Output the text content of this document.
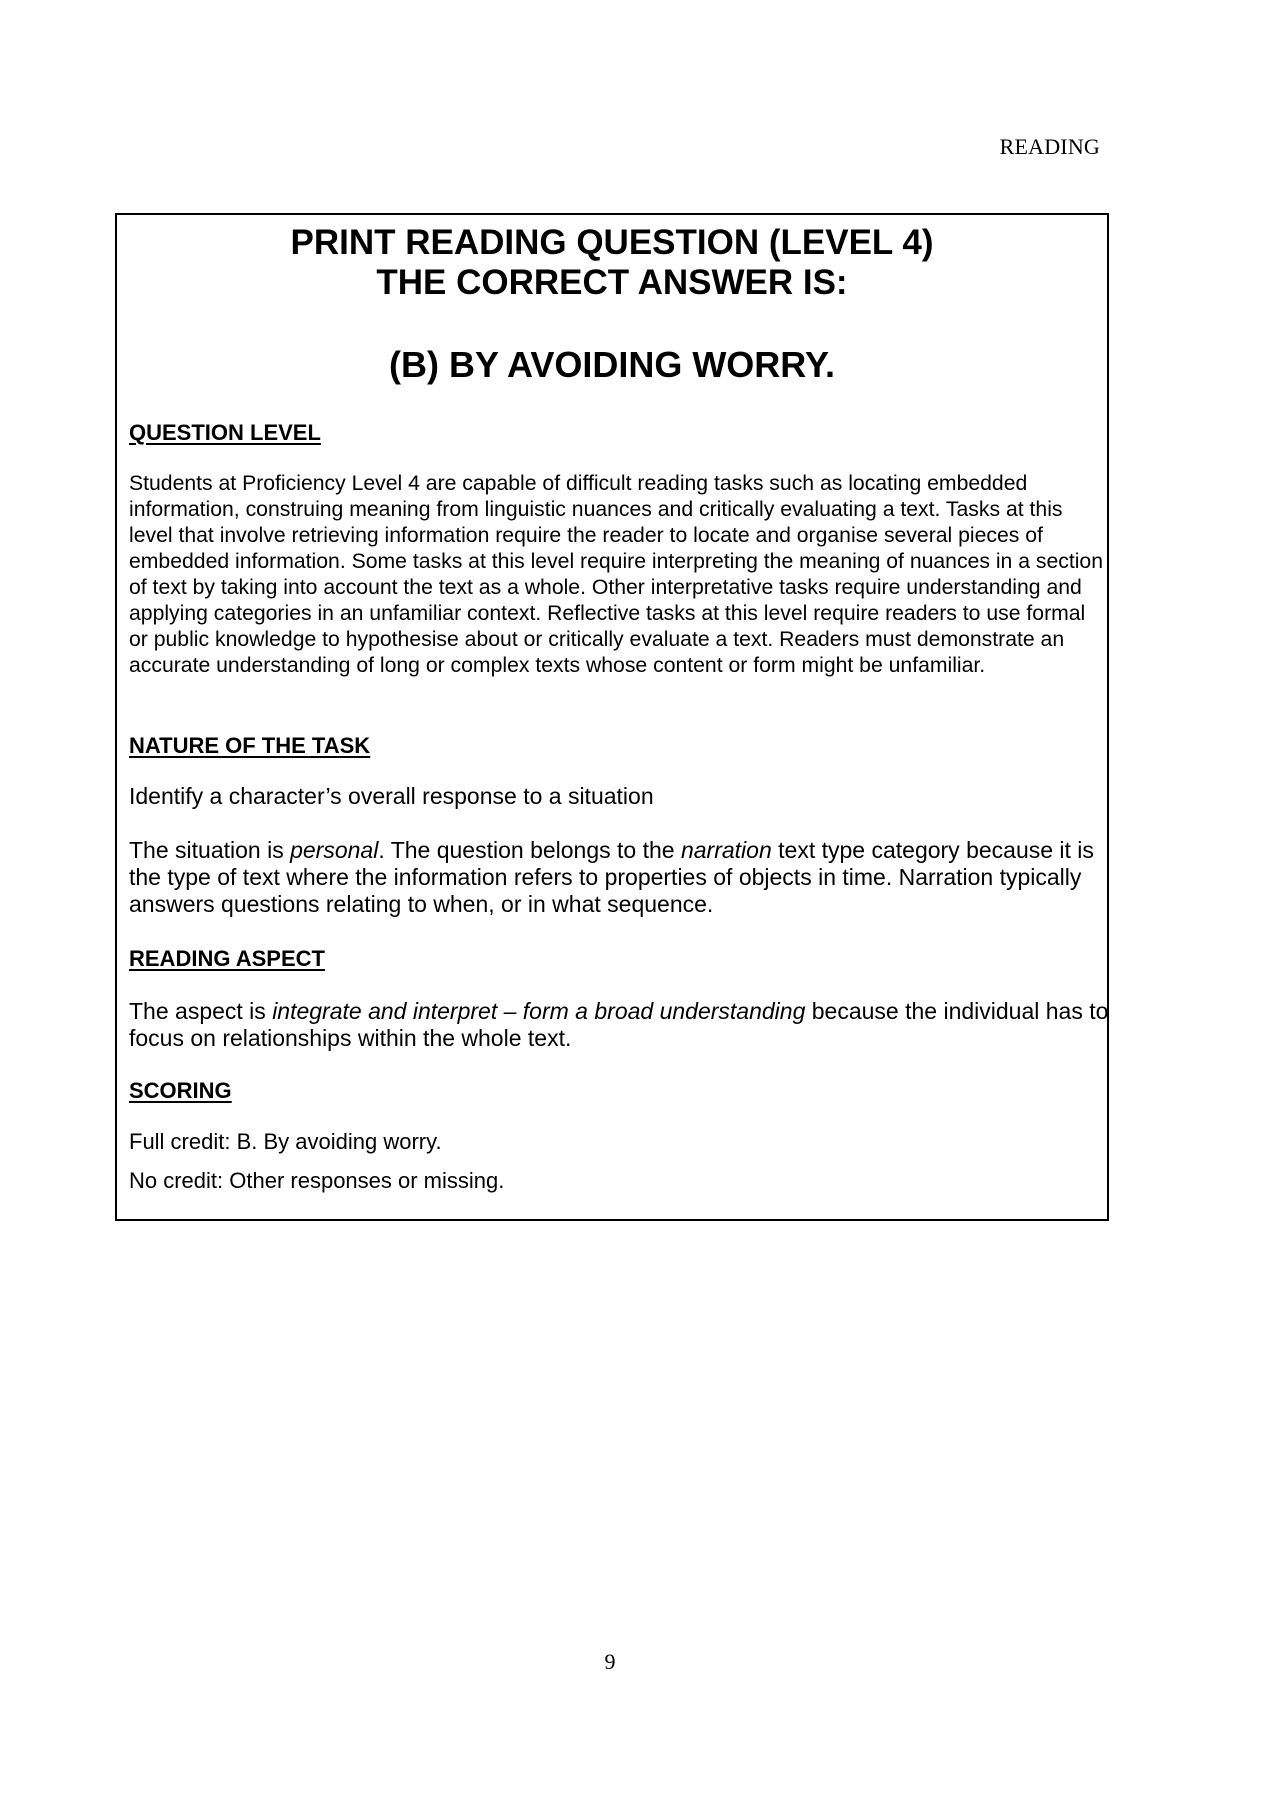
READING
PRINT READING QUESTION (LEVEL 4)
THE CORRECT ANSWER IS:
(B) BY AVOIDING WORRY.
QUESTION LEVEL

Students at Proficiency Level 4 are capable of difficult reading tasks such as locating embedded information, construing meaning from linguistic nuances and critically evaluating a text. Tasks at this level that involve retrieving information require the reader to locate and organise several pieces of embedded information. Some tasks at this level require interpreting the meaning of nuances in a section of text by taking into account the text as a whole. Other interpretative tasks require understanding and applying categories in an unfamiliar context. Reflective tasks at this level require readers to use formal or public knowledge to hypothesise about or critically evaluate a text. Readers must demonstrate an accurate understanding of long or complex texts whose content or form might be unfamiliar.

NATURE OF THE TASK

Identify a character’s overall response to a situation

The situation is personal. The question belongs to the narration text type category because it is the type of text where the information refers to properties of objects in time. Narration typically answers questions relating to when, or in what sequence.

READING ASPECT

The aspect is integrate and interpret – form a broad understanding because the individual has to focus on relationships within the whole text.

SCORING

Full credit: B. By avoiding worry.

No credit: Other responses or missing.

9
